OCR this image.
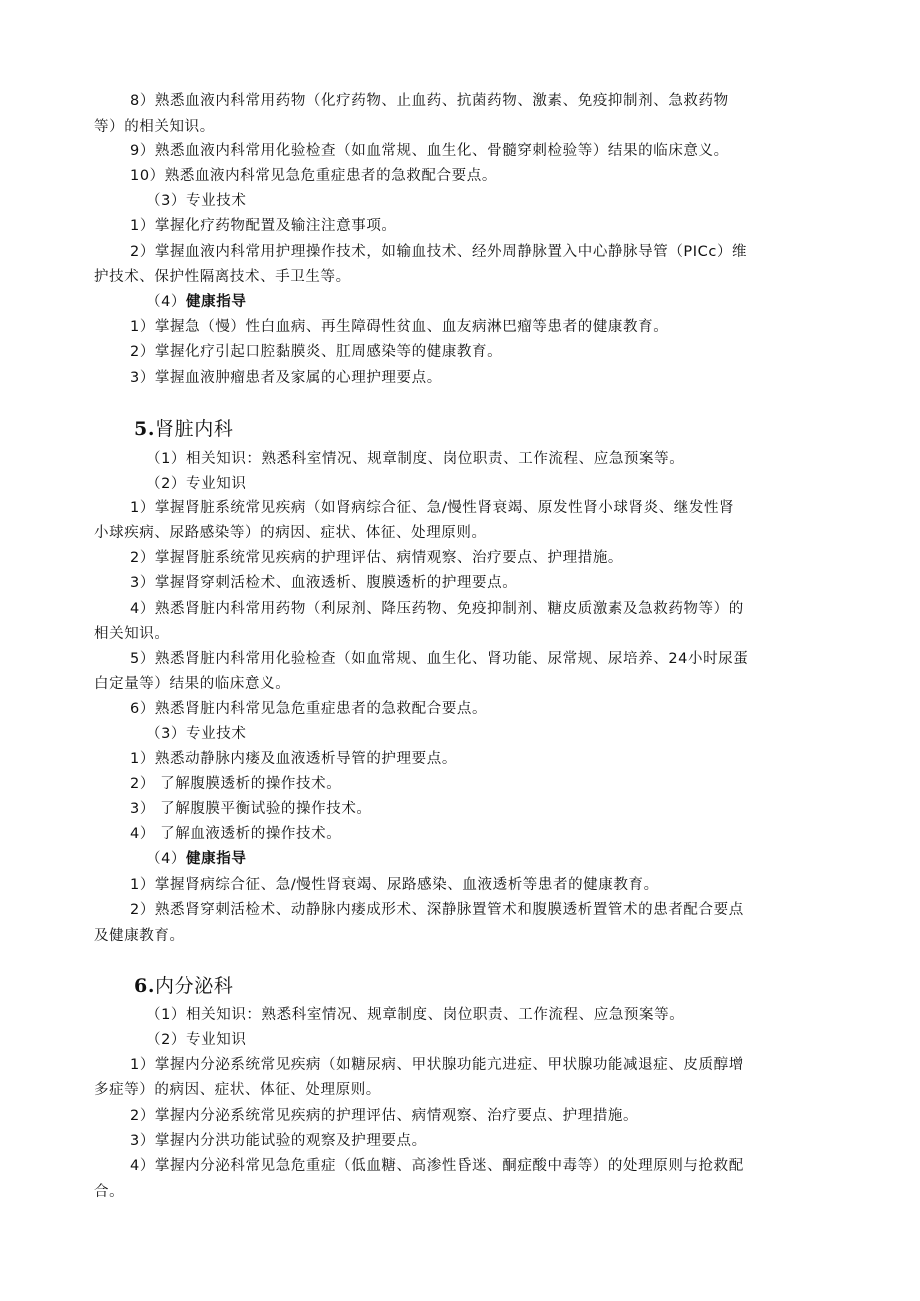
8）熟悉血液内科常用药物（化疗药物、止血药、抗菌药物、激素、免疫抑制剂、急救药物
等）的相关知识。
9）熟悉血液内科常用化验检查（如血常规、血生化、骨髓穿刺检验等）结果的临床意义。
10）熟悉血液内科常见急危重症患者的急救配合要点。
（3）专业技术
1）掌握化疗药物配置及输注注意事项。
2）掌握血液内科常用护理操作技术，如输血技术、经外周静脉置入中心静脉导管（PICc）维
护技术、保护性隔离技术、手卫生等。
（4）健康指导
1）掌握急（慢）性白血病、再生障碍性贫血、血友病淋巴瘤等患者的健康教育。
2）掌握化疗引起口腔黏膜炎、肛周感染等的健康教育。
3）掌握血液肿瘤患者及家属的心理护理要点。
5.肾脏内科
（1）相关知识：熟悉科室情况、规章制度、岗位职责、工作流程、应急预案等。
（2）专业知识
1）掌握肾脏系统常见疾病（如肾病综合征、急/慢性肾衰竭、原发性肾小球肾炎、继发性肾
小球疾病、尿路感染等）的病因、症状、体征、处理原则。
2）掌握肾脏系统常见疾病的护理评估、病情观察、治疗要点、护理措施。
3）掌握肾穿刺活检术、血液透析、腹膜透析的护理要点。
4）熟悉肾脏内科常用药物（利尿剂、降压药物、免疫抑制剂、糖皮质激素及急救药物等）的
相关知识。
5）熟悉肾脏内科常用化验检查（如血常规、血生化、肾功能、尿常规、尿培养、24小时尿蛋
白定量等）结果的临床意义。
6）熟悉肾脏内科常见急危重症患者的急救配合要点。
（3）专业技术
1）熟悉动静脉内瘘及血液透析导管的护理要点。
2） 了解腹膜透析的操作技术。
3） 了解腹膜平衡试验的操作技术。
4） 了解血液透析的操作技术。
（4）健康指导
1）掌握肾病综合征、急/慢性肾衰竭、尿路感染、血液透析等患者的健康教育。
2）熟悉肾穿刺活检术、动静脉内瘘成形术、深静脉置管术和腹膜透析置管术的患者配合要点
及健康教育。
6.内分泌科
（1）相关知识：熟悉科室情况、规章制度、岗位职责、工作流程、应急预案等。
（2）专业知识
1）掌握内分泌系统常见疾病（如糖尿病、甲状腺功能亢进症、甲状腺功能减退症、皮质醇增
多症等）的病因、症状、体征、处理原则。
2）掌握内分泌系统常见疾病的护理评估、病情观察、治疗要点、护理措施。
3）掌握内分洪功能试验的观察及护理要点。
4）掌握内分泌科常见急危重症（低血糖、高渗性昏迷、酮症酸中毒等）的处理原则与抢救配
合。
